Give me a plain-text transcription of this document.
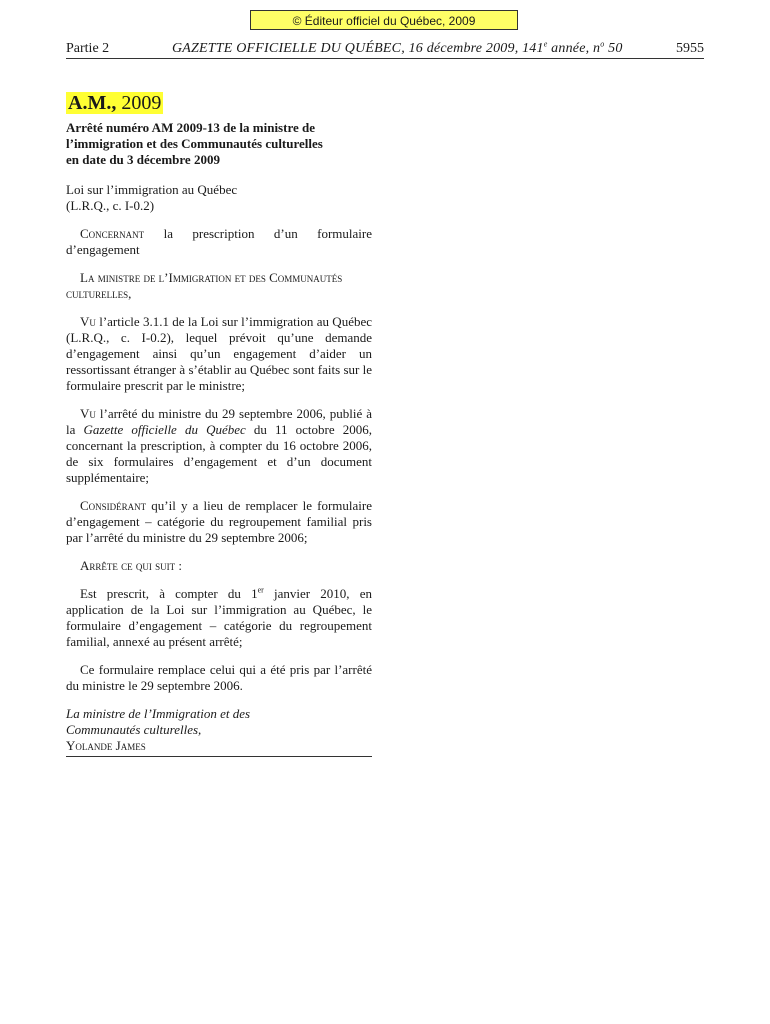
© Éditeur officiel du Québec, 2009
Partie 2	GAZETTE OFFICIELLE DU QUÉBEC, 16 décembre 2009, 141e année, $n^o$ 50	5955
A.M., 2009
Arrêté numéro AM 2009-13 de la ministre de
l’immigration et des Communautés culturelles
en date du 3 décembre 2009
Loi sur l’immigration au Québec
(L.R.Q., c. I-0.2)
Concernant la prescription d’un formulaire d’engagement
La ministre de l’Immigration et des Communautés culturelles,
Vu l’article 3.1.1 de la Loi sur l’immigration au Québec (L.R.Q., c. I-0.2), lequel prévoit qu’une demande d’engagement ainsi qu’un engagement d’aider un ressortissant étranger à s’établir au Québec sont faits sur le formulaire prescrit par le ministre;
Vu l’arrêté du ministre du 29 septembre 2006, publié à la Gazette officielle du Québec du 11 octobre 2006, concernant la prescription, à compter du 16 octobre 2006, de six formulaires d’engagement et d’un document supplémentaire;
Considérant qu’il y a lieu de remplacer le formulaire d’engagement – catégorie du regroupement familial pris par l’arrêté du ministre du 29 septembre 2006;
Arrête ce qui suit :
Est prescrit, à compter du 1er janvier 2010, en application de la Loi sur l’immigration au Québec, le formulaire d’engagement – catégorie du regroupement familial, annexé au présent arrêté;
Ce formulaire remplace celui qui a été pris par l’arrêté du ministre le 29 septembre 2006.
La ministre de l’Immigration et des
Communautés culturelles,
Yolande James
